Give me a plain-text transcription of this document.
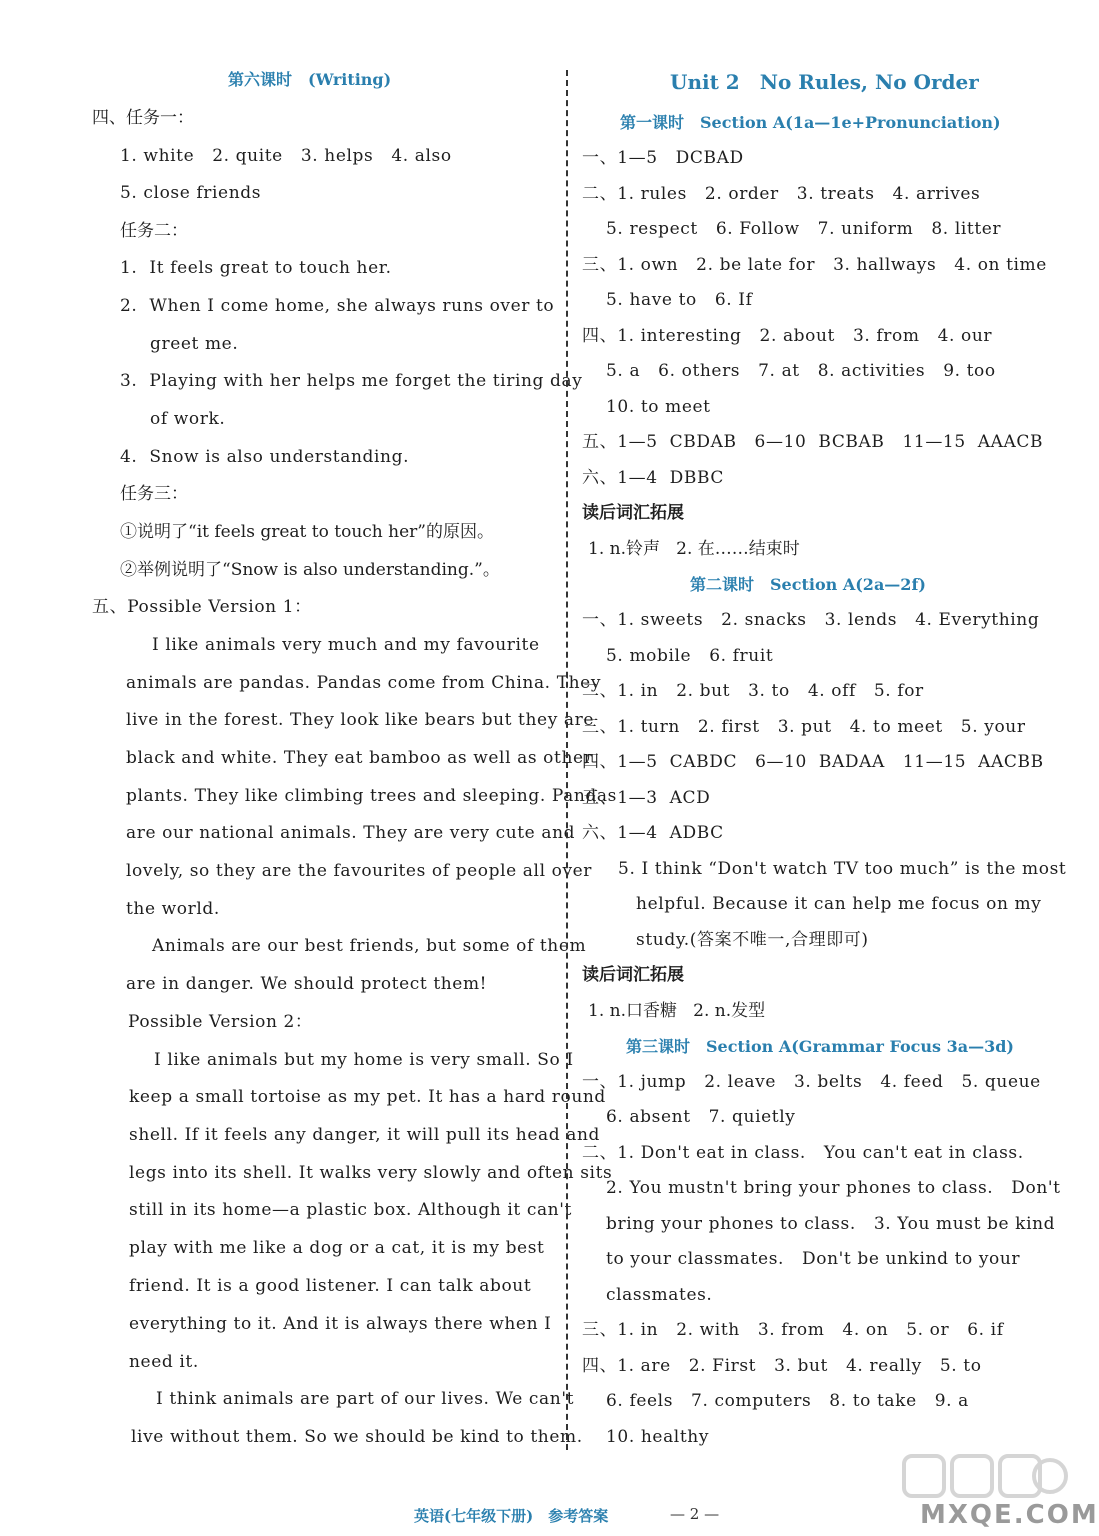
第六课时　(Writing)
四、任务一：
1. white   2. quite   3. helps   4. also
5. close friends
任务二：
1.  It feels great to touch her.
2.  When I come home, she always runs over to
greet me.
3.  Playing with her helps me forget the tiring day
of work.
4.  Snow is also understanding.
任务三：
①说明了“it feels great to touch her”的原因。
②举例说明了“Snow is also understanding.”。
五、Possible Version 1：
I like animals very much and my favourite
animals are pandas. Pandas come from China. They
live in the forest. They look like bears but they are
black and white. They eat bamboo as well as other
plants. They like climbing trees and sleeping. Pandas
are our national animals. They are very cute and
lovely, so they are the favourites of people all over
the world.
Animals are our best friends, but some of them
are in danger. We should protect them!
Possible Version 2：
I like animals but my home is very small. So I
keep a small tortoise as my pet. It has a hard round
shell. If it feels any danger, it will pull its head and
legs into its shell. It walks very slowly and often sits
still in its home—a plastic box. Although it can't
play with me like a dog or a cat, it is my best
friend. It is a good listener. I can talk about
everything to it. And it is always there when I
need it.
I think animals are part of our lives. We can't
live without them. So we should be kind to them.
Unit 2　No Rules, No Order
第一课时　Section A(1a—1e+Pronunciation)
一、1—5   DCBAD
二、1. rules   2. order   3. treats   4. arrives
5. respect   6. Follow   7. uniform   8. litter
三、1. own   2. be late for   3. hallways   4. on time
5. have to   6. If
四、1. interesting   2. about   3. from   4. our
5. a   6. others   7. at   8. activities   9. too
10. to meet
五、1—5  CBDAB   6—10  BCBAB   11—15  AAACB
六、1—4  DBBC
读后词汇拓展
1. n.铃声   2. 在……结束时
第二课时　Section A(2a—2f)
一、1. sweets   2. snacks   3. lends   4. Everything
5. mobile   6. fruit
二、1. in   2. but   3. to   4. off   5. for
三、1. turn   2. first   3. put   4. to meet   5. your
四、1—5  CABDC   6—10  BADAA   11—15  AACBB
五、1—3  ACD
六、1—4  ADBC
5. I think “Don't watch TV too much” is the most
helpful. Because it can help me focus on my
study.(答案不唯一,合理即可)
读后词汇拓展
1. n.口香糖   2. n.发型
第三课时　Section A(Grammar Focus 3a—3d)
一、1. jump   2. leave   3. belts   4. feed   5. queue
6. absent   7. quietly
二、1. Don't eat in class.   You can't eat in class.
2. You mustn't bring your phones to class.   Don't
bring your phones to class.   3. You must be kind
to your classmates.   Don't be unkind to your
classmates.
三、1. in   2. with   3. from   4. on   5. or   6. if
四、1. are   2. First   3. but   4. really   5. to
6. feels   7. computers   8. to take   9. a
10. healthy
英语(七年级下册)　参考答案	— 2 —	MXQE.COM
